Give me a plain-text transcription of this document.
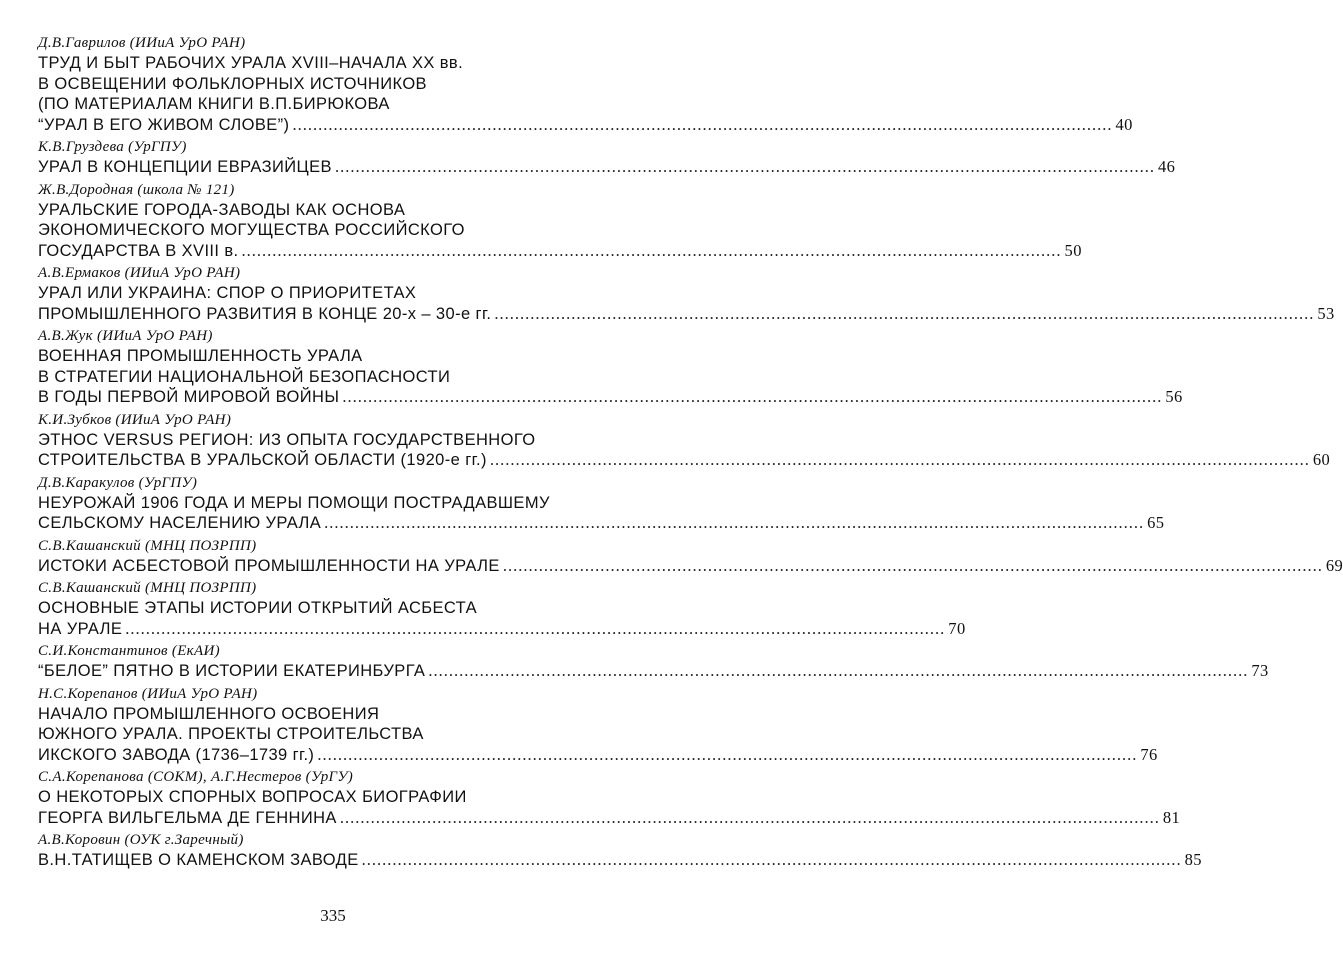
Д.В.Гаврилов (ИИиА УрО РАН)
ТРУД И БЫТ РАБОЧИХ УРАЛА XVIII–НАЧАЛА XX вв.
В ОСВЕЩЕНИИ ФОЛЬКЛОРНЫХ ИСТОЧНИКОВ
(ПО МАТЕРИАЛАМ КНИГИ В.П.БИРЮКОВА
“УРАЛ В ЕГО ЖИВОМ СЛОВЕ”) ................................................................................................................................................................ 40
К.В.Груздева (УрГПУ)
УРАЛ В КОНЦЕПЦИИ ЕВРАЗИЙЦЕВ ................................................................................................................................................................ 46
Ж.В.Дородная (школа № 121)
УРАЛЬСКИЕ ГОРОДА-ЗАВОДЫ КАК ОСНОВА
ЭКОНОМИЧЕСКОГО МОГУЩЕСТВА РОССИЙСКОГО
ГОСУДАРСТВА В XVIII в. ................................................................................................................................................................ 50
А.В.Ермаков (ИИиА УрО РАН)
УРАЛ ИЛИ УКРАИНА: СПОР О ПРИОРИТЕТАХ
ПРОМЫШЛЕННОГО РАЗВИТИЯ В КОНЦЕ 20-х – 30-е гг. ................................................................................................................................................................ 53
А.В.Жук (ИИиА УрО РАН)
ВОЕННАЯ ПРОМЫШЛЕННОСТЬ УРАЛА
В СТРАТЕГИИ НАЦИОНАЛЬНОЙ БЕЗОПАСНОСТИ
В ГОДЫ ПЕРВОЙ МИРОВОЙ ВОЙНЫ ................................................................................................................................................................ 56
К.И.Зубков (ИИиА УрО РАН)
ЭТНОС VERSUS РЕГИОН: ИЗ ОПЫТА ГОСУДАРСТВЕННОГО
СТРОИТЕЛЬСТВА В УРАЛЬСКОЙ ОБЛАСТИ (1920-е гг.) ................................................................................................................................................................ 60
Д.В.Каракулов (УрГПУ)
НЕУРОЖАЙ 1906 ГОДА И МЕРЫ ПОМОЩИ ПОСТРАДАВШЕМУ
СЕЛЬСКОМУ НАСЕЛЕНИЮ УРАЛА ................................................................................................................................................................ 65
С.В.Кашанский (МНЦ ПОЗРПП)
ИСТОКИ АСБЕСТОВОЙ ПРОМЫШЛЕННОСТИ НА УРАЛЕ ................................................................................................................................................................ 69
С.В.Кашанский (МНЦ ПОЗРПП)
ОСНОВНЫЕ ЭТАПЫ ИСТОРИИ ОТКРЫТИЙ АСБЕСТА
НА УРАЛЕ ................................................................................................................................................................ 70
С.И.Константинов (ЕкАИ)
“БЕЛОЕ” ПЯТНО В ИСТОРИИ ЕКАТЕРИНБУРГА ................................................................................................................................................................ 73
Н.С.Корепанов (ИИиА УрО РАН)
НАЧАЛО ПРОМЫШЛЕННОГО ОСВОЕНИЯ
ЮЖНОГО УРАЛА. ПРОЕКТЫ СТРОИТЕЛЬСТВА
ИКСКОГО ЗАВОДА (1736–1739 гг.) ................................................................................................................................................................ 76
С.А.Корепанова (СОКМ), А.Г.Нестеров (УрГУ)
О НЕКОТОРЫХ СПОРНЫХ ВОПРОСАХ БИОГРАФИИ
ГЕОРГА ВИЛЬГЕЛЬМА ДЕ ГЕННИНА ................................................................................................................................................................ 81
А.В.Коровин (ОУК г.Заречный)
В.Н.ТАТИЩЕВ О КАМЕНСКОМ ЗАВОДЕ ................................................................................................................................................................ 85
335
